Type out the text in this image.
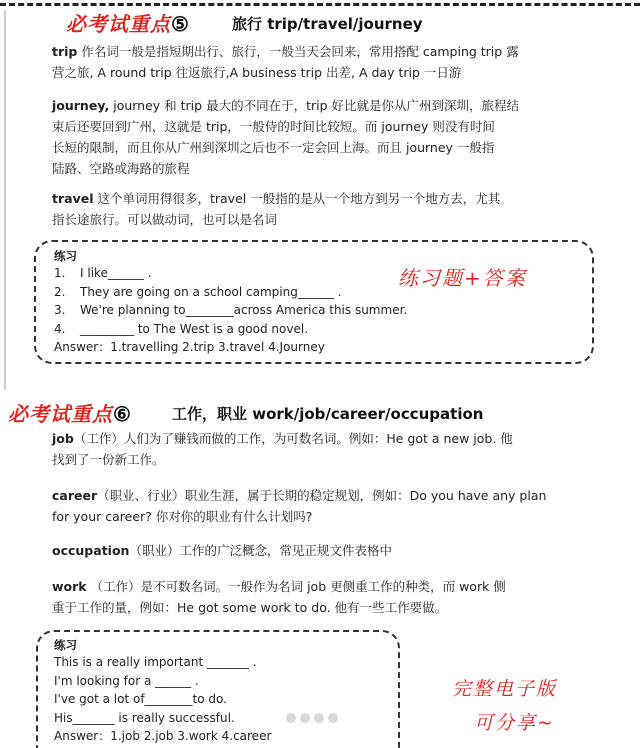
必考试重点⑤	旅行 trip/travel/journey
trip 作名词一般是指短期出行、旅行，一般当天会回来，常用搭配 camping trip 露
营之旅, A round trip 往返旅行,A business trip 出差, A day trip 一日游
journey, journey 和 trip 最大的不同在于，trip 好比就是你从广州到深圳，旅程结
束后还要回到广州，这就是 trip，一般侍的时间比较短。而 journey 则没有时间
长短的限制，而且你从广州到深圳之后也不一定会回上海。而且 journey 一般指
陆路、空路或海路的旅程
travel 这个单词用得很多，travel 一般指的是从一个地方到另一个地方去，尤其
指长途旅行。可以做动词，也可以是名词
练习
1. I like______ .
2. They are going on a school camping______ .
3. We're planning to________across America this summer.
4. _________ to The West is a good novel.
Answer：1.travelling 2.trip 3.travel 4.Journey
练习题+答案
必考试重点⑥	工作，职业 work/job/career/occupation
job（工作）人们为了赚钱而做的工作，为可数名词。例如：He got a new job. 他
找到了一份新工作。
career（职业、行业）职业生涯，属于长期的稳定规划，例如：Do you have any plan
for your career? 你对你的职业有什么计划吗?
occupation（职业）工作的广泛概念，常见正规文件表格中
work （工作）是不可数名词。一般作为名词 job 更侧重工作的种类，而 work 侧
重于工作的量，例如：He got some work to do. 他有一些工作要做。
练习
This is a really important _______ .
I'm looking for a ______ .
I've got a lot of________to do.
His_______ is really successful.
Answer：1.job 2.job 3.work 4.career
完整电子版
可分享~
